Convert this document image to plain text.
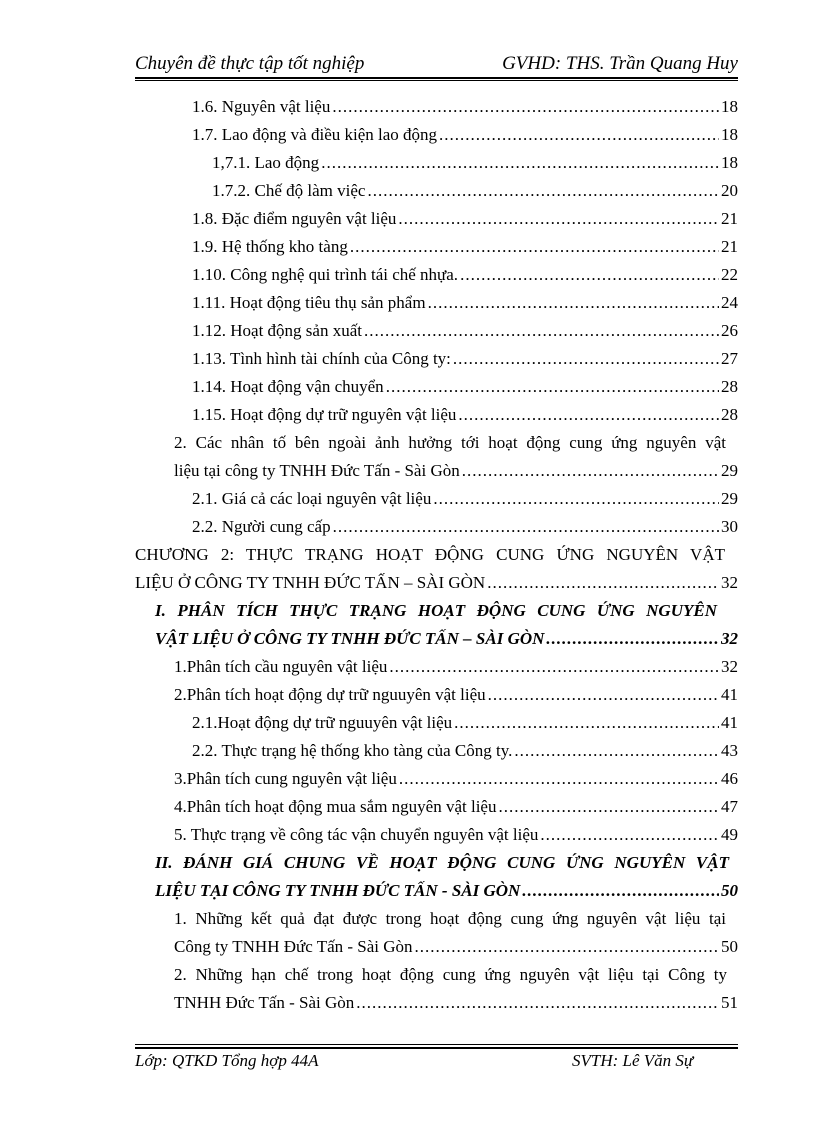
Chuyên đề thực tập tốt nghiệp	GVHD: THS. Trần Quang Huy
1.6. Nguyên vật liệu .....	18
1.7. Lao động và điều kiện lao động .....	18
1,7.1. Lao động .....	18
1.7.2. Chế độ làm việc .....	20
1.8. Đặc điểm nguyên vật liệu .....	21
1.9. Hệ thống kho tàng .....	21
1.10. Công nghệ qui trình tái chế nhựa. .....	22
1.11. Hoạt động tiêu thụ sản phẩm .....	24
1.12. Hoạt động sản xuất .....	26
1.13. Tình hình tài chính của Công ty: .....	27
1.14. Hoạt động vận chuyển .....	28
1.15. Hoạt động dự trữ nguyên vật liệu .....	28
2. Các nhân tố bên ngoài ảnh hưởng tới hoạt động cung ứng nguyên vật
liệu tại công ty TNHH Đức Tấn - Sài Gòn .....	29
2.1. Giá cả các loại nguyên vật liệu .....	29
2.2. Người cung cấp .....	30
CHƯƠNG 2: THỰC TRẠNG HOẠT ĐỘNG CUNG ỨNG NGUYÊN VẬT
LIỆU Ở CÔNG TY TNHH ĐỨC TẤN – SÀI GÒN .....	32
I. PHÂN TÍCH THỰC TRẠNG HOẠT ĐỘNG CUNG ỨNG NGUYÊN
VẬT LIỆU Ở CÔNG TY TNHH ĐỨC TẤN – SÀI GÒN .....	32
1.Phân tích cầu nguyên vật liệu .....	32
2.Phân tích hoạt động dự trữ nguuyên vật liệu .....	41
2.1.Hoạt động dự trữ nguuyên vật liệu .....	41
2.2. Thực trạng hệ thống kho tàng của Công ty. .....	43
3.Phân tích cung nguyên vật liệu .....	46
4.Phân tích hoạt động mua sắm nguyên vật liệu .....	47
5. Thực trạng về công tác vận chuyển nguyên vật liệu .....	49
II. ĐÁNH GIÁ CHUNG VỀ HOẠT ĐỘNG CUNG ỨNG NGUYÊN VẬT
LIỆU TẠI CÔNG TY TNHH ĐỨC TẤN - SÀI GÒN .....	50
1. Những kết quả đạt được trong hoạt động cung ứng nguyên vật liệu tại
Công ty TNHH Đức Tấn - Sài Gòn .....	50
2. Những hạn chế trong hoạt động cung ứng nguyên vật liệu tại Công ty
TNHH Đức Tấn - Sài Gòn .....	51
Lớp: QTKD Tổng hợp 44A	SVTH: Lê Văn Sự
